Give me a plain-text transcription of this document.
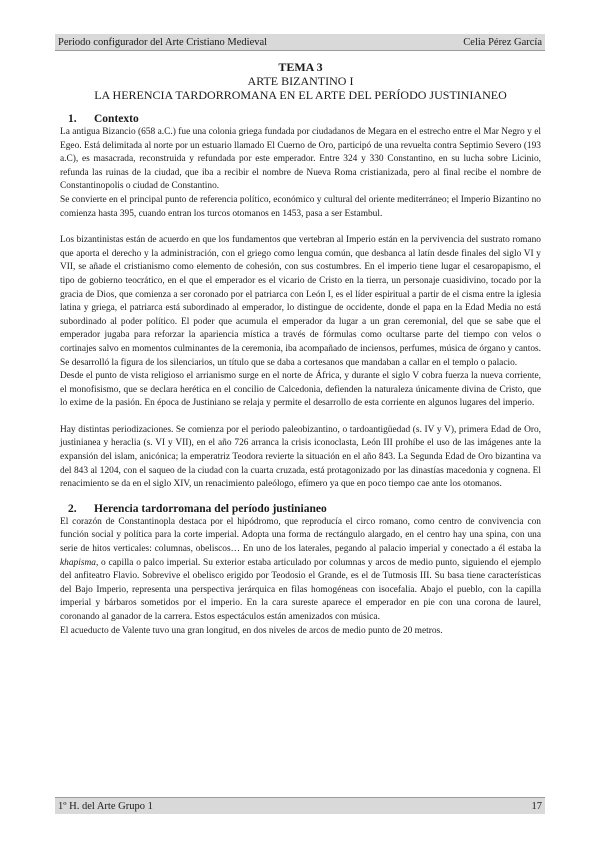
Periodo configurador del Arte Cristiano Medieval	Celia Pérez García
TEMA 3
ARTE BIZANTINO I
LA HERENCIA TARDORROMANA EN EL ARTE DEL PERÍODO JUSTINIANEO
1. Contexto

La antigua Bizancio (658 a.C.) fue una colonia griega fundada por ciudadanos de Megara en el estrecho entre el Mar Negro y el Egeo. Está delimitada al norte por un estuario llamado El Cuerno de Oro, participó de una revuelta contra Septimio Severo (193 a.C), es masacrada, reconstruida y refundada por este emperador. Entre 324 y 330 Constantino, en su lucha sobre Licinio, refunda las ruinas de la ciudad, que iba a recibir el nombre de Nueva Roma cristianizada, pero al final recibe el nombre de Constantinopolis o ciudad de Constantino.

Se convierte en el principal punto de referencia político, económico y cultural del oriente mediterráneo; el Imperio Bizantino no comienza hasta 395, cuando entran los turcos otomanos en 1453, pasa a ser Estambul.

Los bizantinistas están de acuerdo en que los fundamentos que vertebran al Imperio están en la pervivencia del sustrato romano que aporta el derecho y la administración, con el griego como lengua común, que desbanca al latín desde finales del siglo VI y VII, se añade el cristianismo como elemento de cohesión, con sus costumbres. En el imperio tiene lugar el cesaropapismo, el tipo de gobierno teocrático, en el que el emperador es el vicario de Cristo en la tierra, un personaje cuasidivino, tocado por la gracia de Dios, que comienza a ser coronado por el patriarca con León I, es el líder espiritual a partir de el cisma entre la iglesia latina y griega, el patriarca está subordinado al emperador, lo distingue de occidente, donde el papa en la Edad Media no está subordinado al poder político. El poder que acumula el emperador da lugar a un gran ceremonial, del que se sabe que el emperador jugaba para reforzar la apariencia mística a través de fórmulas como ocultarse parte del tiempo con velos o cortinajes salvo en momentos culminantes de la ceremonia, iba acompañado de inciensos, perfumes, música de órgano y cantos. Se desarrolló la figura de los silenciarios, un título que se daba a cortesanos que mandaban a callar en el templo o palacio.

Desde el punto de vista religioso el arrianismo surge en el norte de África, y durante el siglo V cobra fuerza la nueva corriente, el monofisismo, que se declara herética en el concilio de Calcedonia, defienden la naturaleza únicamente divina de Cristo, que lo exime de la pasión. En época de Justiniano se relaja y permite el desarrollo de esta corriente en algunos lugares del imperio.

Hay distintas periodizaciones. Se comienza por el periodo paleobizantino, o tardoantigüedad (s. IV y V), primera Edad de Oro, justinianea y heraclia (s. VI y VII), en el año 726 arranca la crisis iconoclasta, León III prohíbe el uso de las imágenes ante la expansión del islam, anicónica; la emperatriz Teodora revierte la situación en el año 843. La Segunda Edad de Oro bizantina va del 843 al 1204, con el saqueo de la ciudad con la cuarta cruzada, está protagonizado por las dinastías macedonia y cognena. El renacimiento se da en el siglo XIV, un renacimiento paleólogo, efímero ya que en poco tiempo cae ante los otomanos.

2. Herencia tardorromana del período justinianeo

El corazón de Constantinopla destaca por el hipódromo, que reproducía el circo romano, como centro de convivencia con función social y política para la corte imperial. Adopta una forma de rectángulo alargado, en el centro hay una spina, con una serie de hitos verticales: columnas, obeliscos… En uno de los laterales, pegando al palacio imperial y conectado a él estaba la khapisma, o capilla o palco imperial. Su exterior estaba articulado por columnas y arcos de medio punto, siguiendo el ejemplo del anfiteatro Flavio. Sobrevive el obelisco erigido por Teodosio el Grande, es el de Tutmosis III. Su basa tiene características del Bajo Imperio, representa una perspectiva jerárquica en filas homogéneas con isocefalia. Abajo el pueblo, con la capilla imperial y bárbaros sometidos por el imperio. En la cara sureste aparece el emperador en pie con una corona de laurel, coronando al ganador de la carrera. Estos espectáculos están amenizados con música.

El acueducto de Valente tuvo una gran longitud, en dos niveles de arcos de medio punto de 20 metros.

1º H. del Arte Grupo 1	17
